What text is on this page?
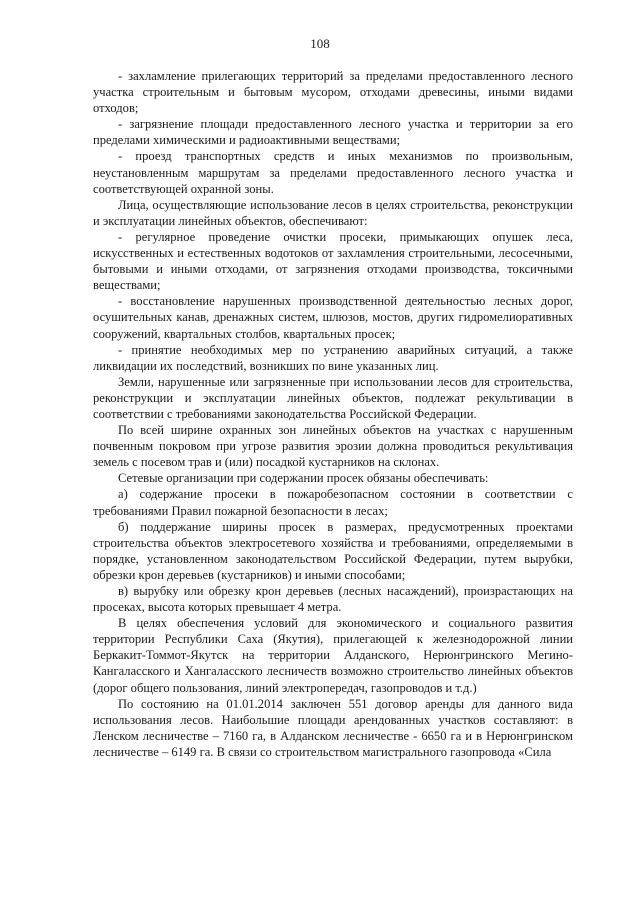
108

- захламление прилегающих территорий за пределами предоставленного лесного участка строительным и бытовым мусором, отходами древесины, иными видами отходов;

- загрязнение площади предоставленного лесного участка и территории за его пределами химическими и радиоактивными веществами;

- проезд транспортных средств и иных механизмов по произвольным, неустановленным маршрутам за пределами предоставленного лесного участка и соответствующей охранной зоны.

Лица, осуществляющие использование лесов в целях строительства, реконструкции и эксплуатации линейных объектов, обеспечивают:

- регулярное проведение очистки просеки, примыкающих опушек леса, искусственных и естественных водотоков от захламления строительными, лесосечными, бытовыми и иными отходами, от загрязнения отходами производства, токсичными веществами;

- восстановление нарушенных производственной деятельностью лесных дорог, осушительных канав, дренажных систем, шлюзов, мостов, других гидромелиоративных сооружений, квартальных столбов, квартальных просек;

- принятие необходимых мер по устранению аварийных ситуаций, а также ликвидации их последствий, возникших по вине указанных лиц.

Земли, нарушенные или загрязненные при использовании лесов для строительства, реконструкции и эксплуатации линейных объектов, подлежат рекультивации в соответствии с требованиями законодательства Российской Федерации.

По всей ширине охранных зон линейных объектов на участках с нарушенным почвенным покровом при угрозе развития эрозии должна проводиться рекультивация земель с посевом трав и (или) посадкой кустарников на склонах.

Сетевые организации при содержании просек обязаны обеспечивать:

а) содержание просеки в пожаробезопасном состоянии в соответствии с требованиями Правил пожарной безопасности в лесах;

б) поддержание ширины просек в размерах, предусмотренных проектами строительства объектов электросетевого хозяйства и требованиями, определяемыми в порядке, установленном законодательством Российской Федерации, путем вырубки, обрезки крон деревьев (кустарников) и иными способами;

в) вырубку или обрезку крон деревьев (лесных насаждений), произрастающих на просеках, высота которых превышает 4 метра.

В целях обеспечения условий для экономического и социального развития территории Республики Саха (Якутия), прилегающей к железнодорожной линии Беркакит-Томмот-Якутск на территории Алданского, Нерюнгринского Мегино-Кангаласского и Хангаласского лесничеств возможно строительство линейных объектов (дорог общего пользования, линий электропередач, газопроводов и т.д.)

По состоянию на 01.01.2014 заключен 551 договор аренды для данного вида использования лесов. Наибольшие площади арендованных участков составляют: в Ленском лесничестве – 7160 га, в Алданском лесничестве - 6650 га и в Нерюнгринском лесничестве – 6149 га. В связи со строительством магистрального газопровода «Сила
